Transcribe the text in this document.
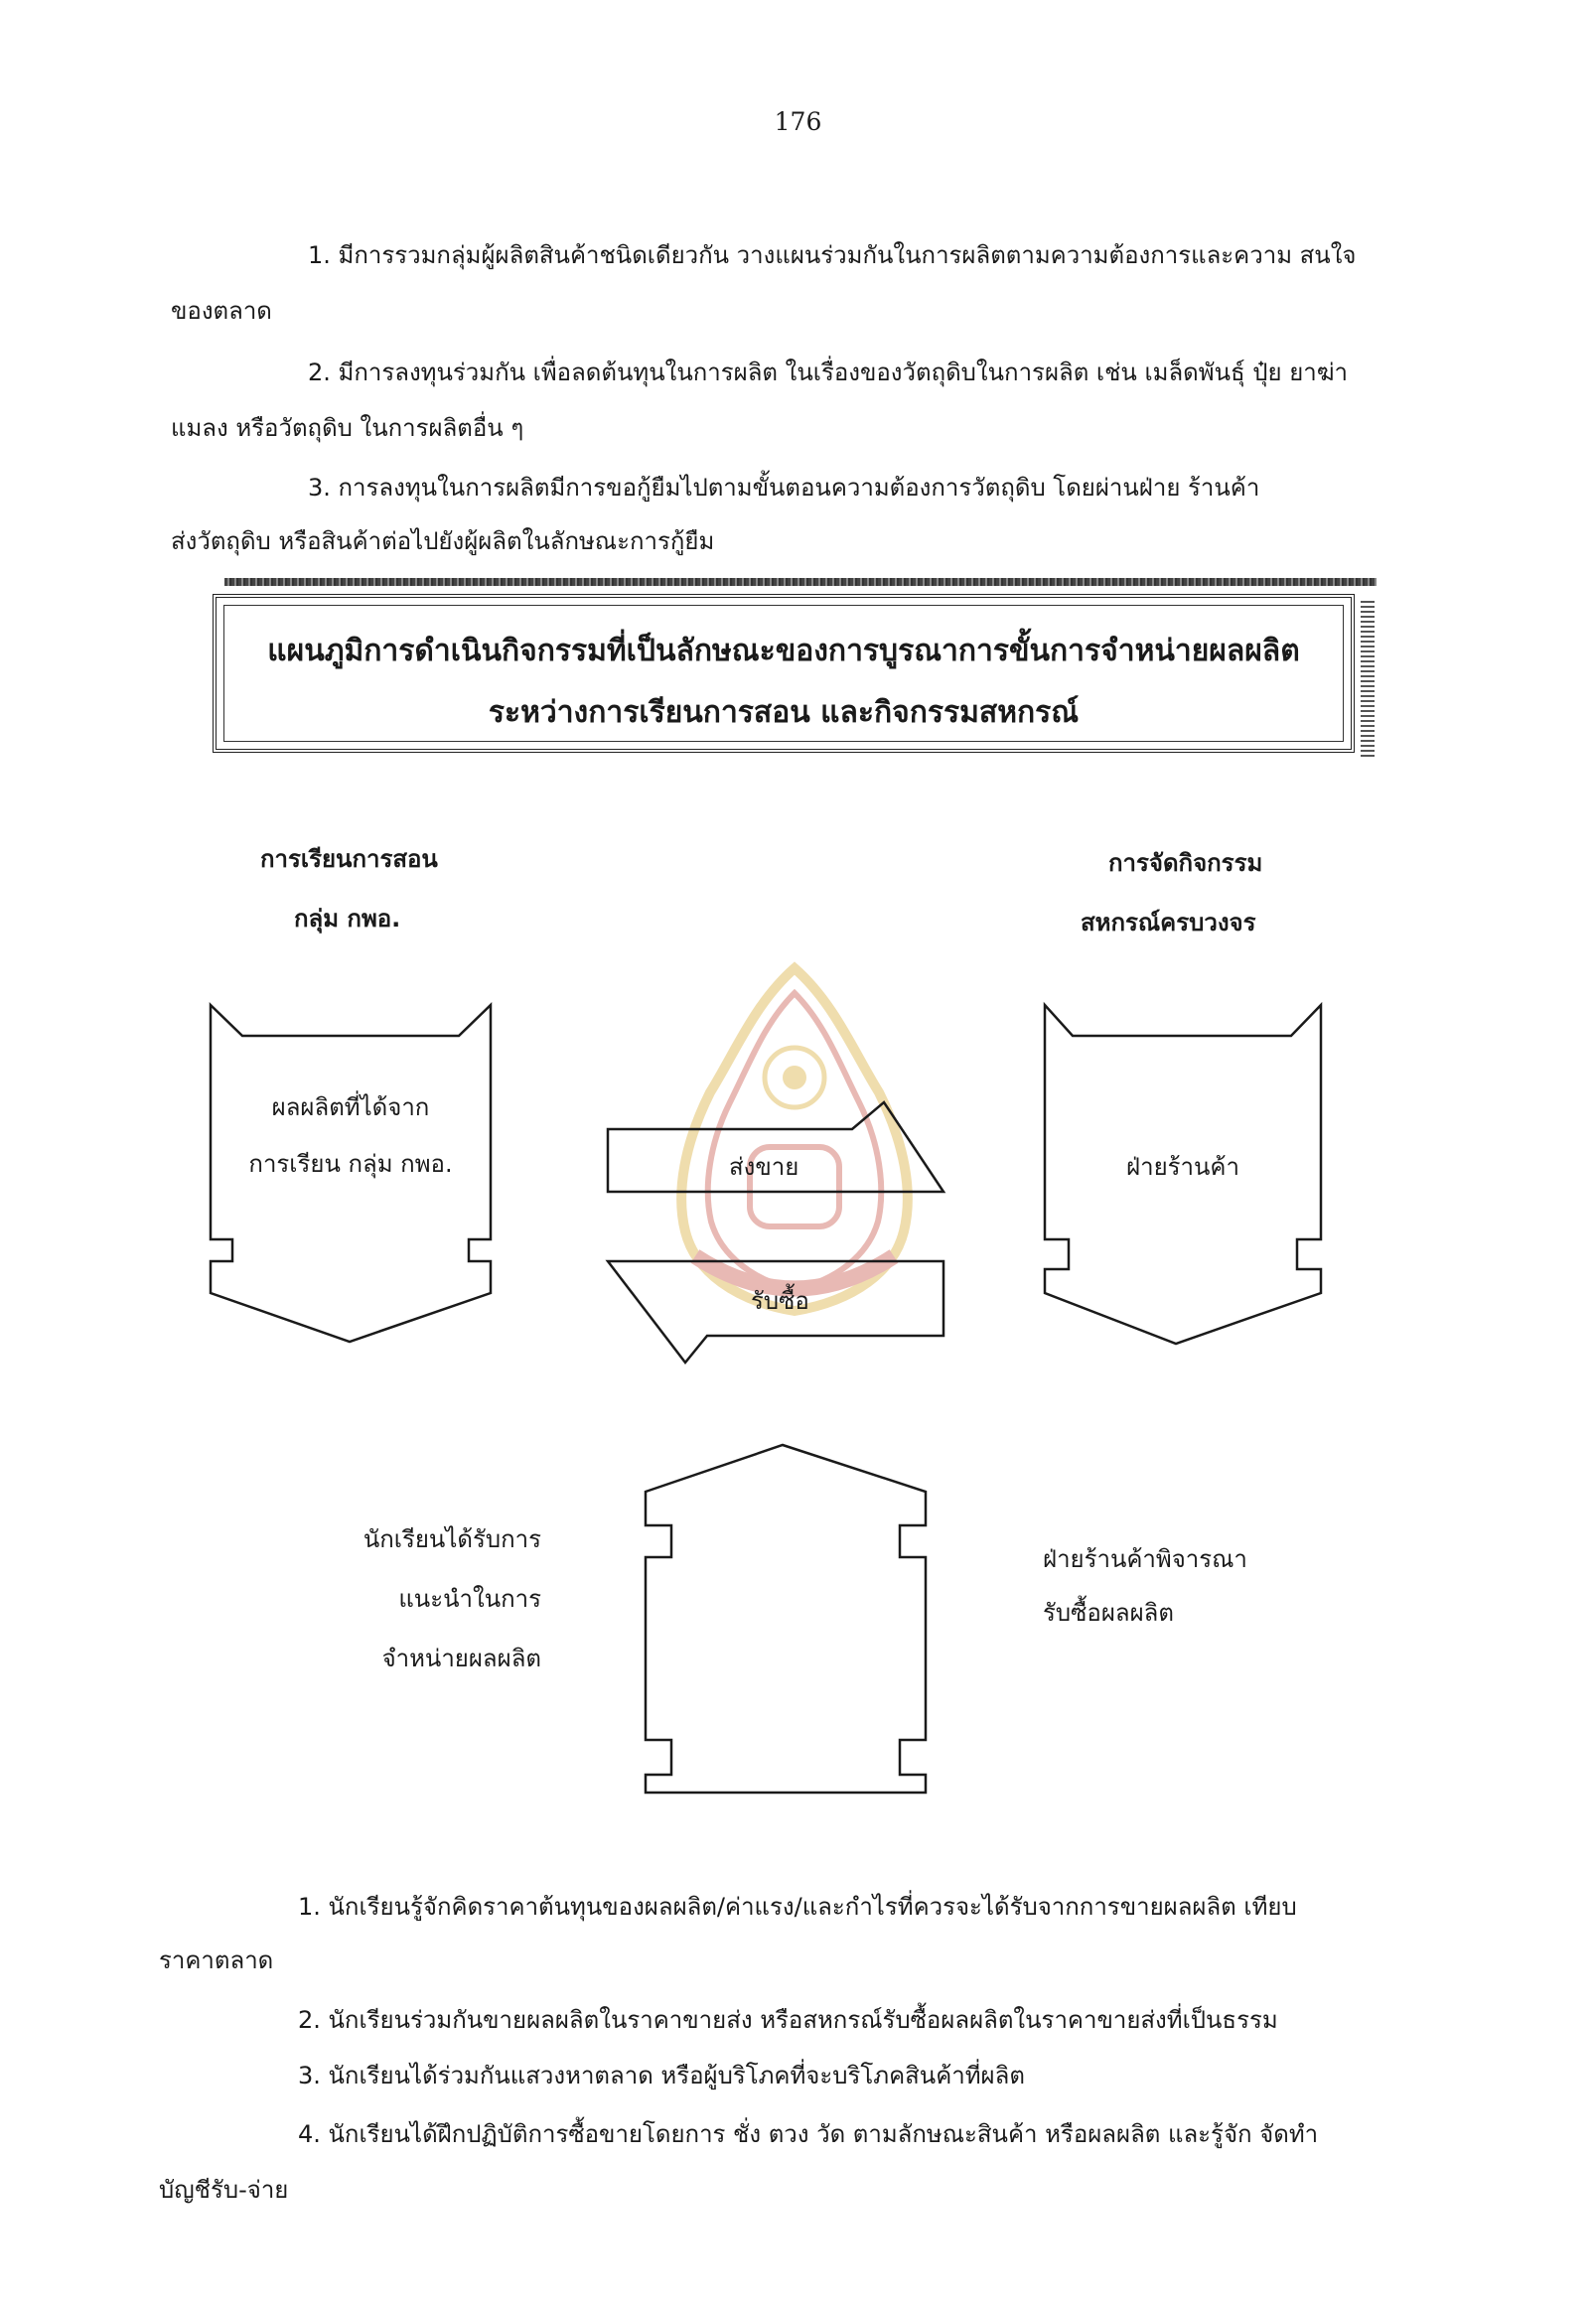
176
1. มีการรวมกลุ่มผู้ผลิตสินค้าชนิดเดียวกัน วางแผนร่วมกันในการผลิตตามความต้องการและความ สนใจ
ของตลาด
2. มีการลงทุนร่วมกัน เพื่อลดต้นทุนในการผลิต ในเรื่องของวัตถุดิบในการผลิต เช่น เมล็ดพันธุ์ ปุ๋ย ยาฆ่า
แมลง หรือวัตถุดิบ ในการผลิตอื่น ๆ
3. การลงทุนในการผลิตมีการขอกู้ยืมไปตามขั้นตอนความต้องการวัตถุดิบ โดยผ่านฝ่าย ร้านค้า
ส่งวัตถุดิบ หรือสินค้าต่อไปยังผู้ผลิตในลักษณะการกู้ยืม
แผนภูมิการดำเนินกิจกรรมที่เป็นลักษณะของการบูรณาการขั้นการจำหน่ายผลผลิต
ระหว่างการเรียนการสอน และกิจกรรมสหกรณ์
การเรียนการสอน
กลุ่ม กพอ.
การจัดกิจกรรม
สหกรณ์ครบวงจร
ผลผลิตที่ได้จาก
การเรียน กลุ่ม กพอ.	ส่งขาย
รับซื้อ
ฝ่ายร้านค้า
นักเรียนได้รับการ
แนะนำในการ
จำหน่ายผลผลิต
ฝ่ายร้านค้าพิจารณา
รับซื้อผลผลิต
1. นักเรียนรู้จักคิดราคาต้นทุนของผลผลิต/ค่าแรง/และกำไรที่ควรจะได้รับจากการขายผลผลิต เทียบ
ราคาตลาด
2. นักเรียนร่วมกันขายผลผลิตในราคาขายส่ง หรือสหกรณ์รับซื้อผลผลิตในราคาขายส่งที่เป็นธรรม
3. นักเรียนได้ร่วมกันแสวงหาตลาด หรือผู้บริโภคที่จะบริโภคสินค้าที่ผลิต
4. นักเรียนได้ฝึกปฏิบัติการซื้อขายโดยการ ชั่ง ตวง วัด ตามลักษณะสินค้า หรือผลผลิต และรู้จัก จัดทำ
บัญชีรับ-จ่าย
